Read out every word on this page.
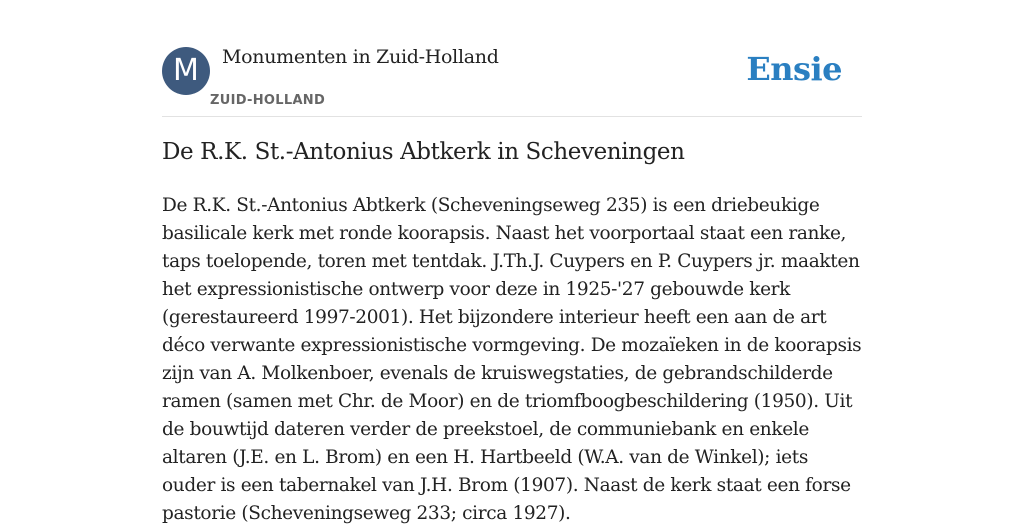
M	Monumenten in Zuid-Holland
ZUID-HOLLAND
Ensie
De R.K. St.-Antonius Abtkerk in Scheveningen

De R.K. St.-Antonius Abtkerk (Scheveningseweg 235) is een driebeukige basilicale kerk met ronde koorapsis. Naast het voorportaal staat een ranke, taps toelopende, toren met tentdak. J.Th.J. Cuypers en P. Cuypers jr. maakten het expressionistische ontwerp voor deze in 1925-'27 gebouwde kerk (gerestaureerd 1997-2001). Het bijzondere interieur heeft een aan de art déco verwante expressionistische vormgeving. De mozaïeken in de koorapsis zijn van A. Molkenboer, evenals de kruiswegstaties, de gebrandschilderde ramen (samen met Chr. de Moor) en de triomfboogbeschildering (1950). Uit de bouwtijd dateren verder de preekstoel, de communiebank en enkele altaren (J.E. en L. Brom) en een H. Hartbeeld (W.A. van de Winkel); iets ouder is een tabernakel van J.H. Brom (1907). Naast de kerk staat een forse pastorie (Scheveningseweg 233; circa 1927).
